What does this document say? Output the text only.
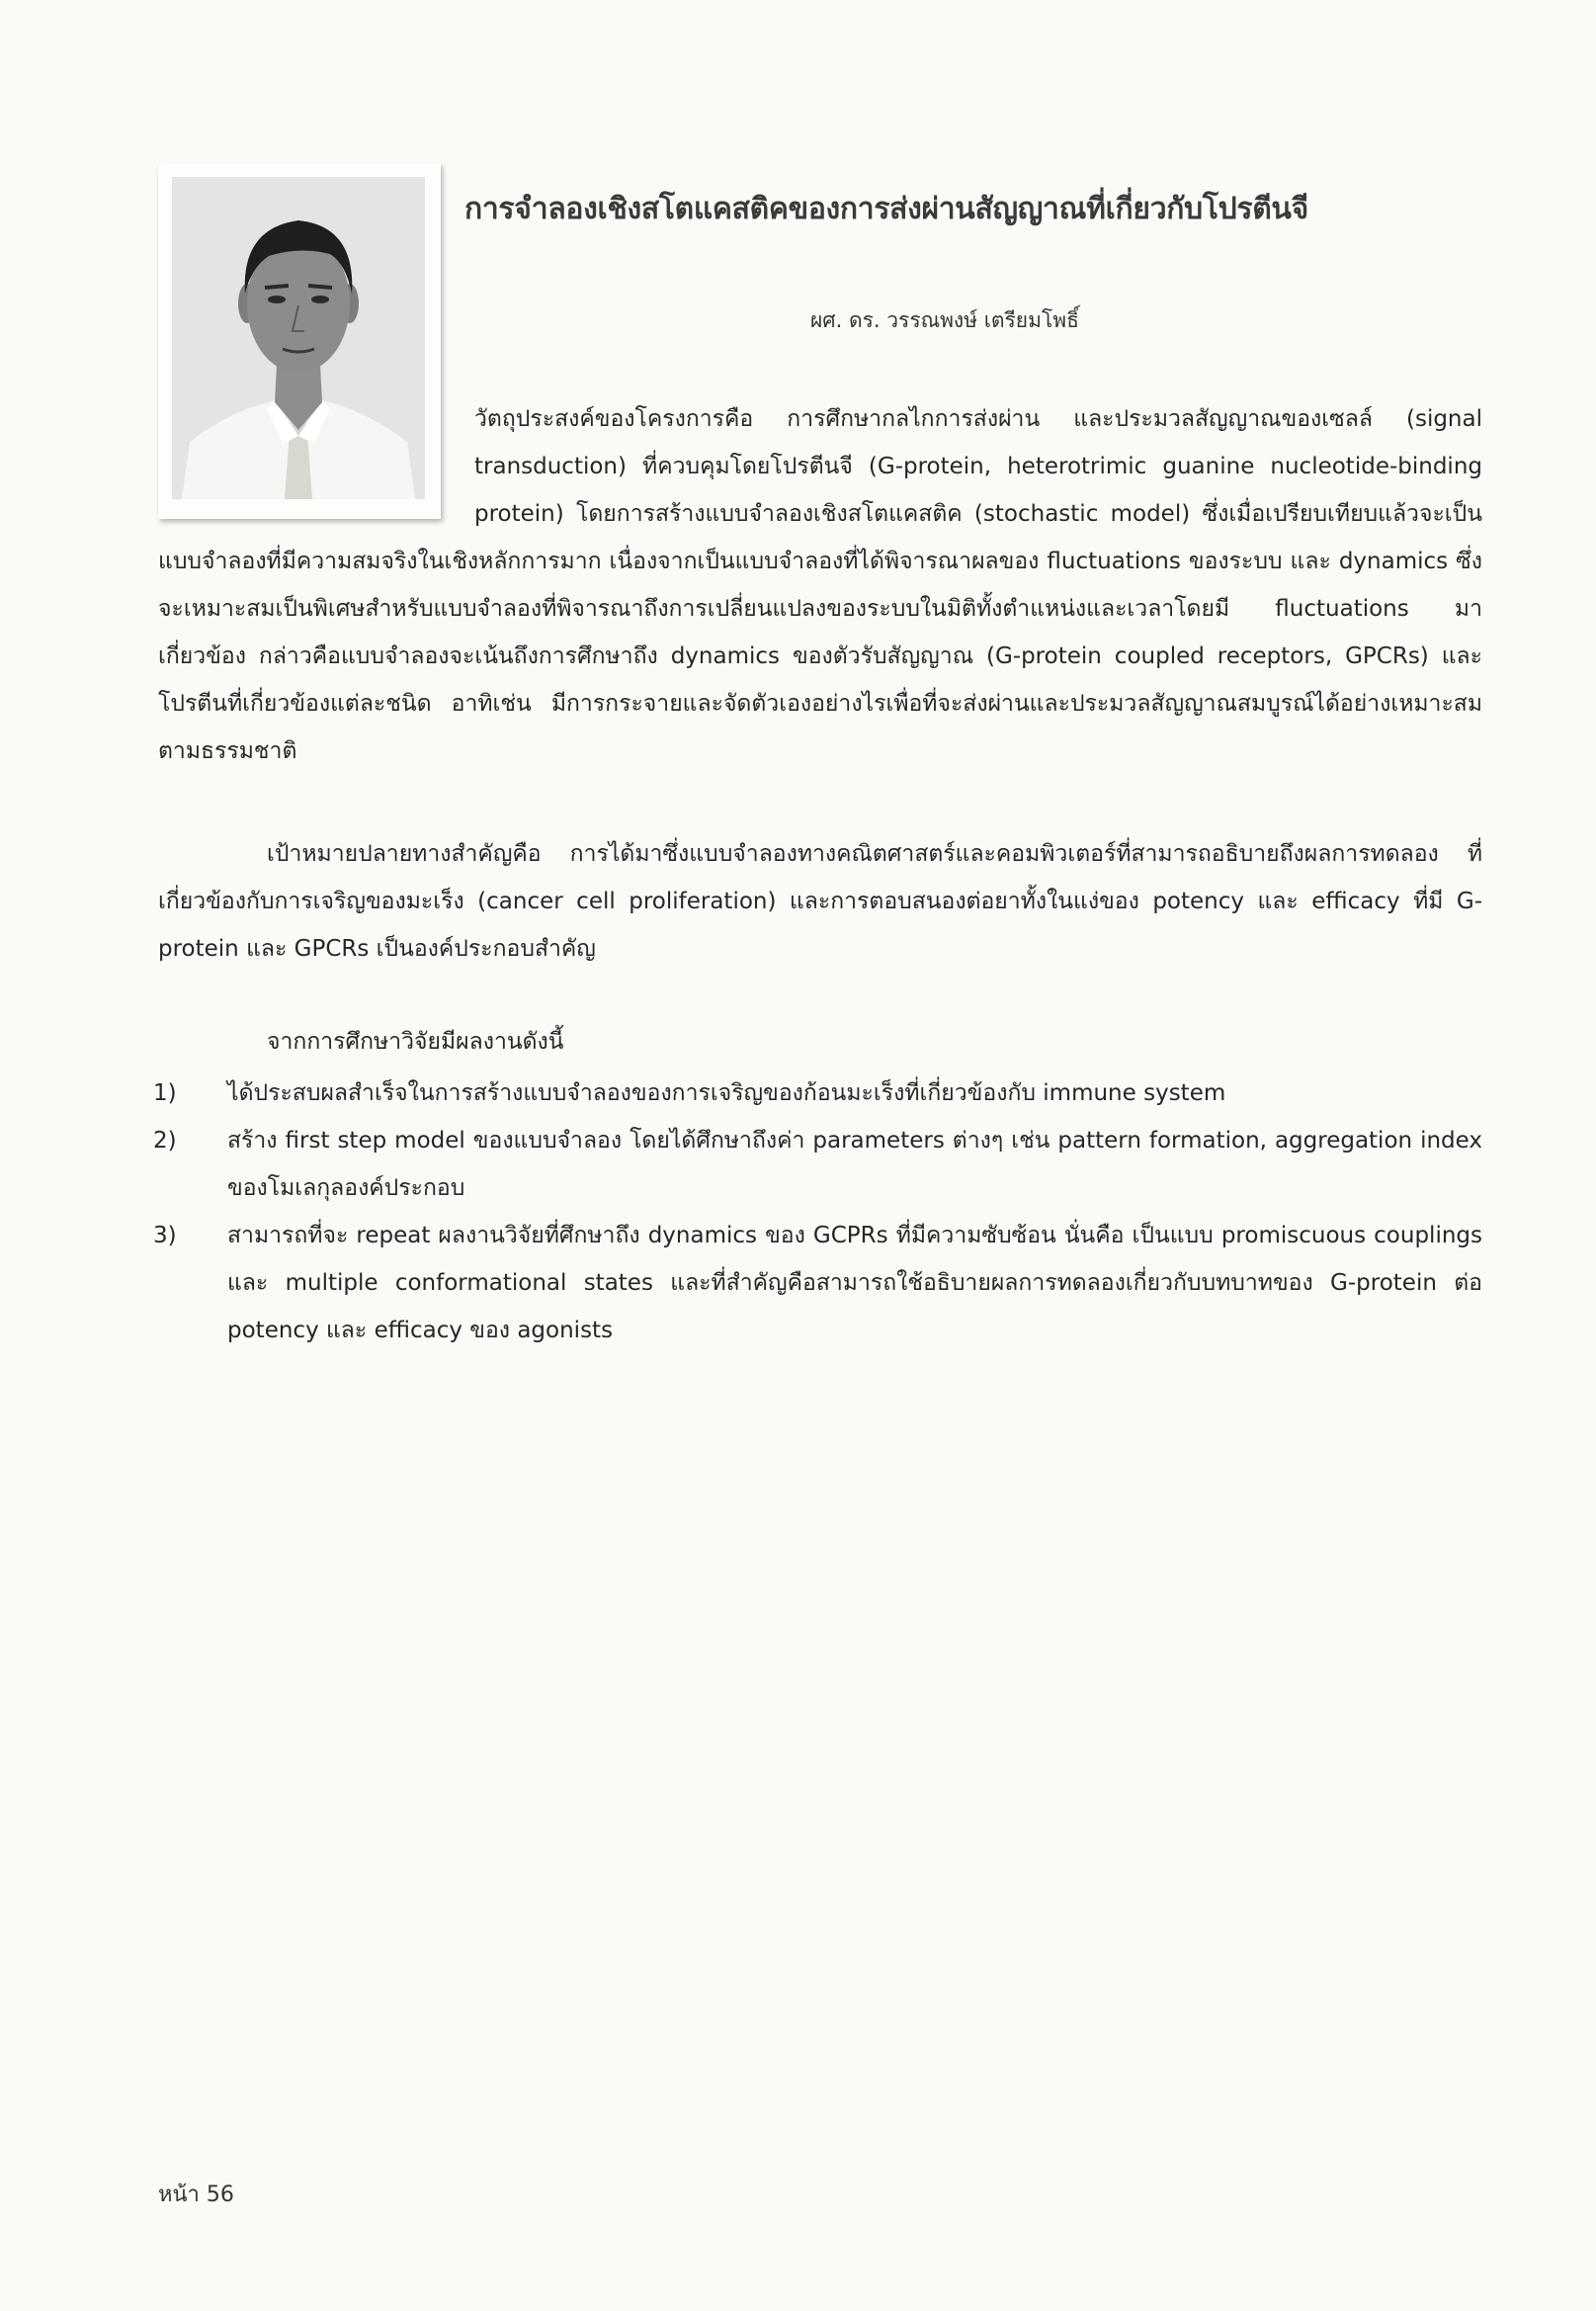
การจำลองเชิงสโตแคสติคของการส่งผ่านสัญญาณที่เกี่ยวกับโปรตีนจี
ผศ. ดร. วรรณพงษ์ เตรียมโพธิ์

วัตถุประสงค์ของโครงการคือ การศึกษากลไกการส่งผ่าน และประมวลสัญญาณของเซลล์ (signal transduction) ที่ควบคุมโดยโปรตีนจี (G-protein, heterotrimic guanine nucleotide-binding protein) โดยการสร้างแบบจำลองเชิงสโตแคสติค (stochastic model) ซึ่งเมื่อเปรียบเทียบแล้วจะเป็นแบบจำลองที่มีความสมจริงในเชิงหลักการมาก เนื่องจากเป็นแบบจำลองที่ได้พิจารณาผลของ fluctuations ของระบบ และ dynamics ซึ่งจะเหมาะสมเป็นพิเศษสำหรับแบบจำลองที่พิจารณาถึงการเปลี่ยนแปลงของระบบในมิติทั้งตำแหน่งและเวลาโดยมี fluctuations มาเกี่ยวข้อง กล่าวคือแบบจำลองจะเน้นถึงการศึกษาถึง dynamics ของตัวรับสัญญาณ (G-protein coupled receptors, GPCRs) และโปรตีนที่เกี่ยวข้องแต่ละชนิด อาทิเช่น มีการกระจายและจัดตัวเองอย่างไรเพื่อที่จะส่งผ่านและประมวลสัญญาณสมบูรณ์ได้อย่างเหมาะสมตามธรรมชาติ

เป้าหมายปลายทางสำคัญคือ การได้มาซึ่งแบบจำลองทางคณิตศาสตร์และคอมพิวเตอร์ที่สามารถอธิบายถึงผลการทดลอง ที่เกี่ยวข้องกับการเจริญของมะเร็ง (cancer cell proliferation) และการตอบสนองต่อยาทั้งในแง่ของ potency และ efficacy ที่มี G-protein และ GPCRs เป็นองค์ประกอบสำคัญ

จากการศึกษาวิจัยมีผลงานดังนี้
1) ได้ประสบผลสำเร็จในการสร้างแบบจำลองของการเจริญของก้อนมะเร็งที่เกี่ยวข้องกับ immune system
2) สร้าง first step model ของแบบจำลอง โดยได้ศึกษาถึงค่า parameters ต่างๆ เช่น pattern formation, aggregation index ของโมเลกุลองค์ประกอบ
3) สามารถที่จะ repeat ผลงานวิจัยที่ศึกษาถึง dynamics ของ GCPRs ที่มีความซับซ้อน นั่นคือ เป็นแบบ promiscuous couplings และ multiple conformational states และที่สำคัญคือสามารถใช้อธิบายผลการทดลองเกี่ยวกับบทบาทของ G-protein ต่อ potency และ efficacy ของ agonists
หน้า 56
